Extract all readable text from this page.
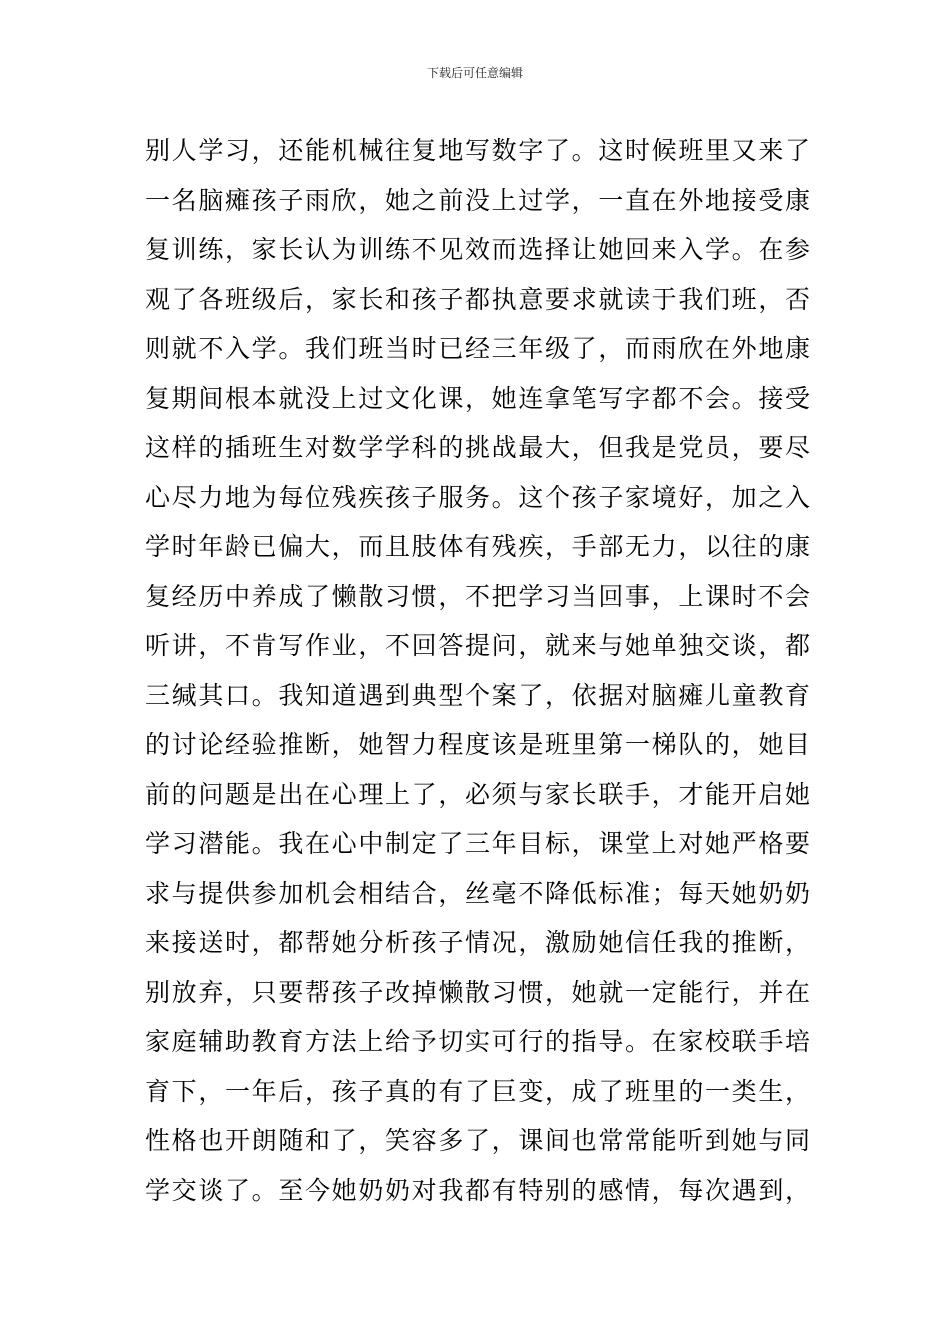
下载后可任意编辑
别人学习，还能机械往复地写数字了。这时候班里又来了
一名脑瘫孩子雨欣，她之前没上过学，一直在外地接受康
复训练，家长认为训练不见效而选择让她回来入学。在参
观了各班级后，家长和孩子都执意要求就读于我们班，否
则就不入学。我们班当时已经三年级了，而雨欣在外地康
复期间根本就没上过文化课，她连拿笔写字都不会。接受
这样的插班生对数学学科的挑战最大，但我是党员，要尽
心尽力地为每位残疾孩子服务。这个孩子家境好，加之入
学时年龄已偏大，而且肢体有残疾，手部无力，以往的康
复经历中养成了懒散习惯，不把学习当回事，上课时不会
听讲，不肯写作业，不回答提问，就来与她单独交谈，都
三缄其口。我知道遇到典型个案了，依据对脑瘫儿童教育
的讨论经验推断，她智力程度该是班里第一梯队的，她目
前的问题是出在心理上了，必须与家长联手，才能开启她
学习潜能。我在心中制定了三年目标，课堂上对她严格要
求与提供参加机会相结合，丝毫不降低标准；每天她奶奶
来接送时，都帮她分析孩子情况，激励她信任我的推断，
别放弃，只要帮孩子改掉懒散习惯，她就一定能行，并在
家庭辅助教育方法上给予切实可行的指导。在家校联手培
育下，一年后，孩子真的有了巨变，成了班里的一类生，
性格也开朗随和了，笑容多了，课间也常常能听到她与同
学交谈了。至今她奶奶对我都有特别的感情，每次遇到，
